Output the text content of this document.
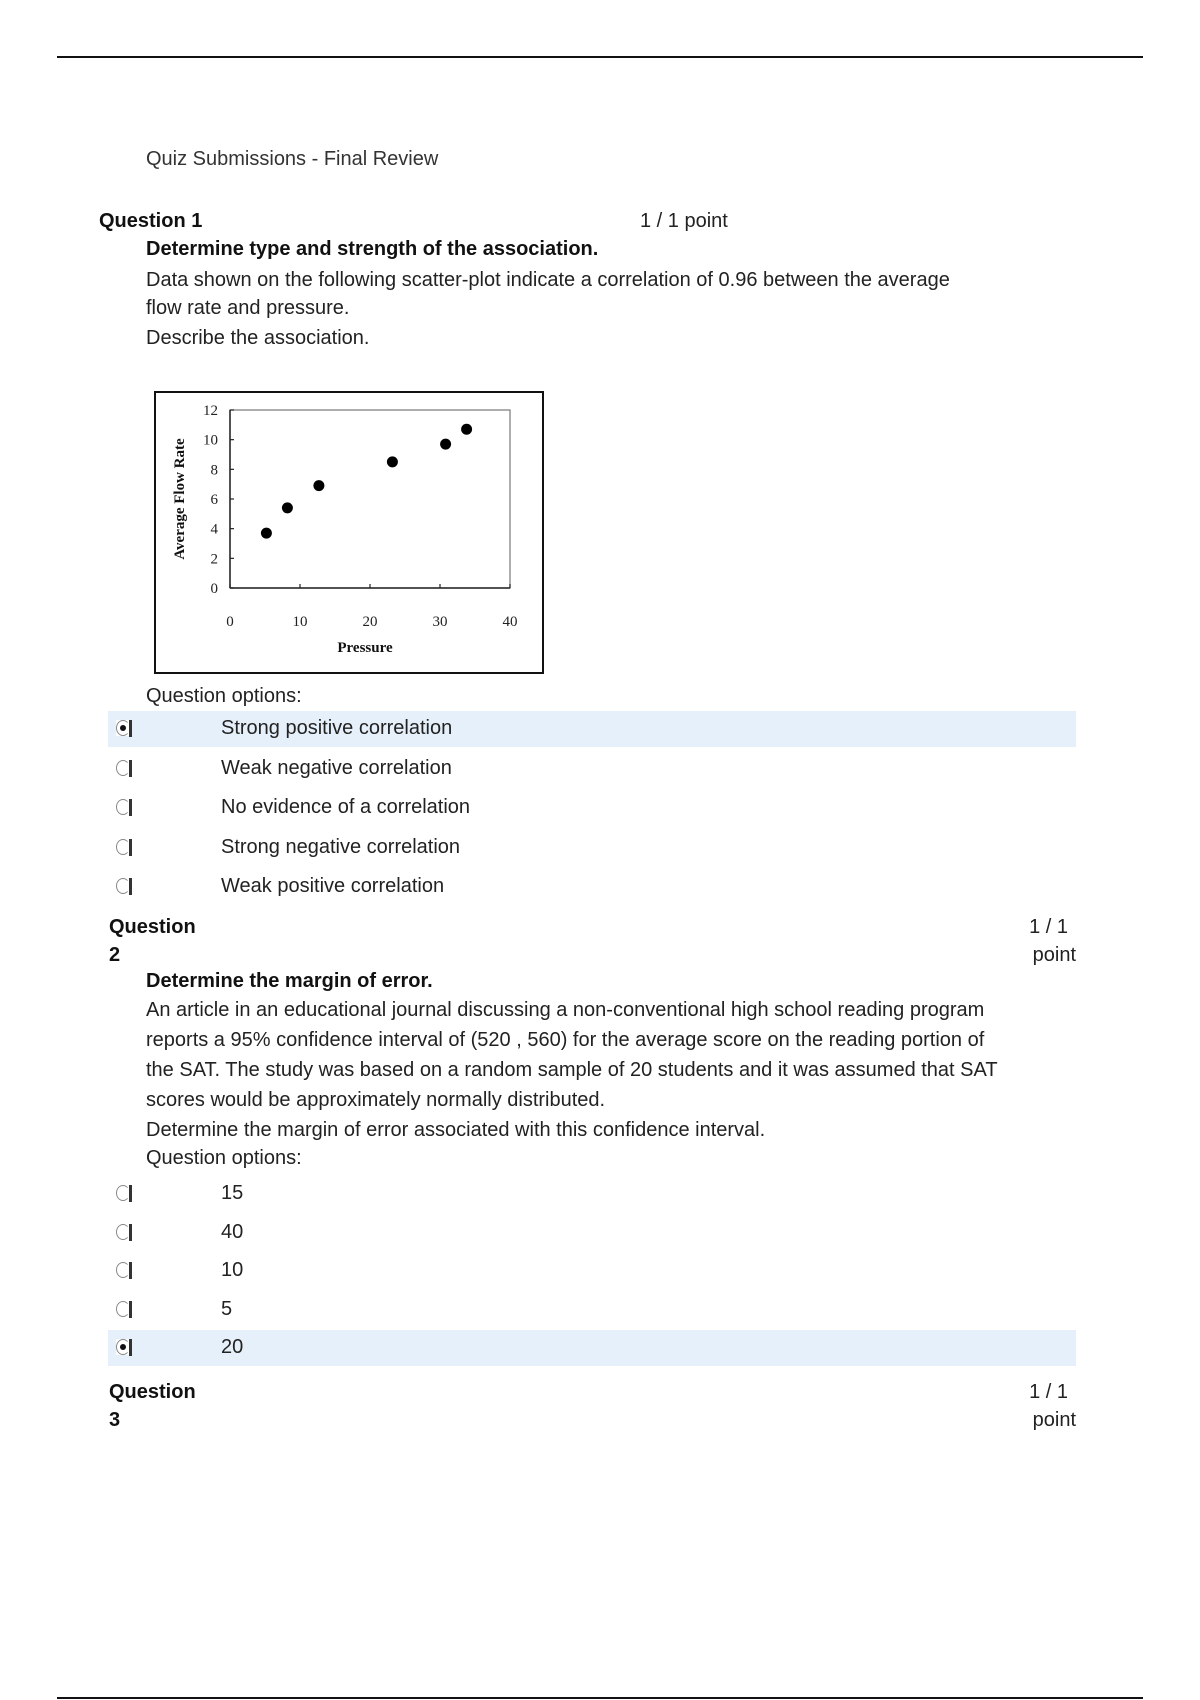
Quiz Submissions - Final Review
Question 1	1 / 1 point
Determine type and strength of the association.
Data shown on the following scatter-plot indicate a correlation of 0.96 between the average
flow rate and pressure.
Describe the association.
0	10	20	30	40
0
2
4
6
8
10
12
Pressure
Average Flow Rate
Question options:
Strong positive correlation
Weak negative correlation
No evidence of a correlation
Strong negative correlation
Weak positive correlation
Question
2
1 / 1
point
Determine the margin of error.
An article in an educational journal discussing a non-conventional high school reading program
reports a 95% confidence interval of (520 , 560) for the average score on the reading portion of
the SAT. The study was based on a random sample of 20 students and it was assumed that SAT
scores would be approximately normally distributed.
Determine the margin of error associated with this confidence interval.
Question options:
15
40
10
5
20
Question
3
1 / 1
point
